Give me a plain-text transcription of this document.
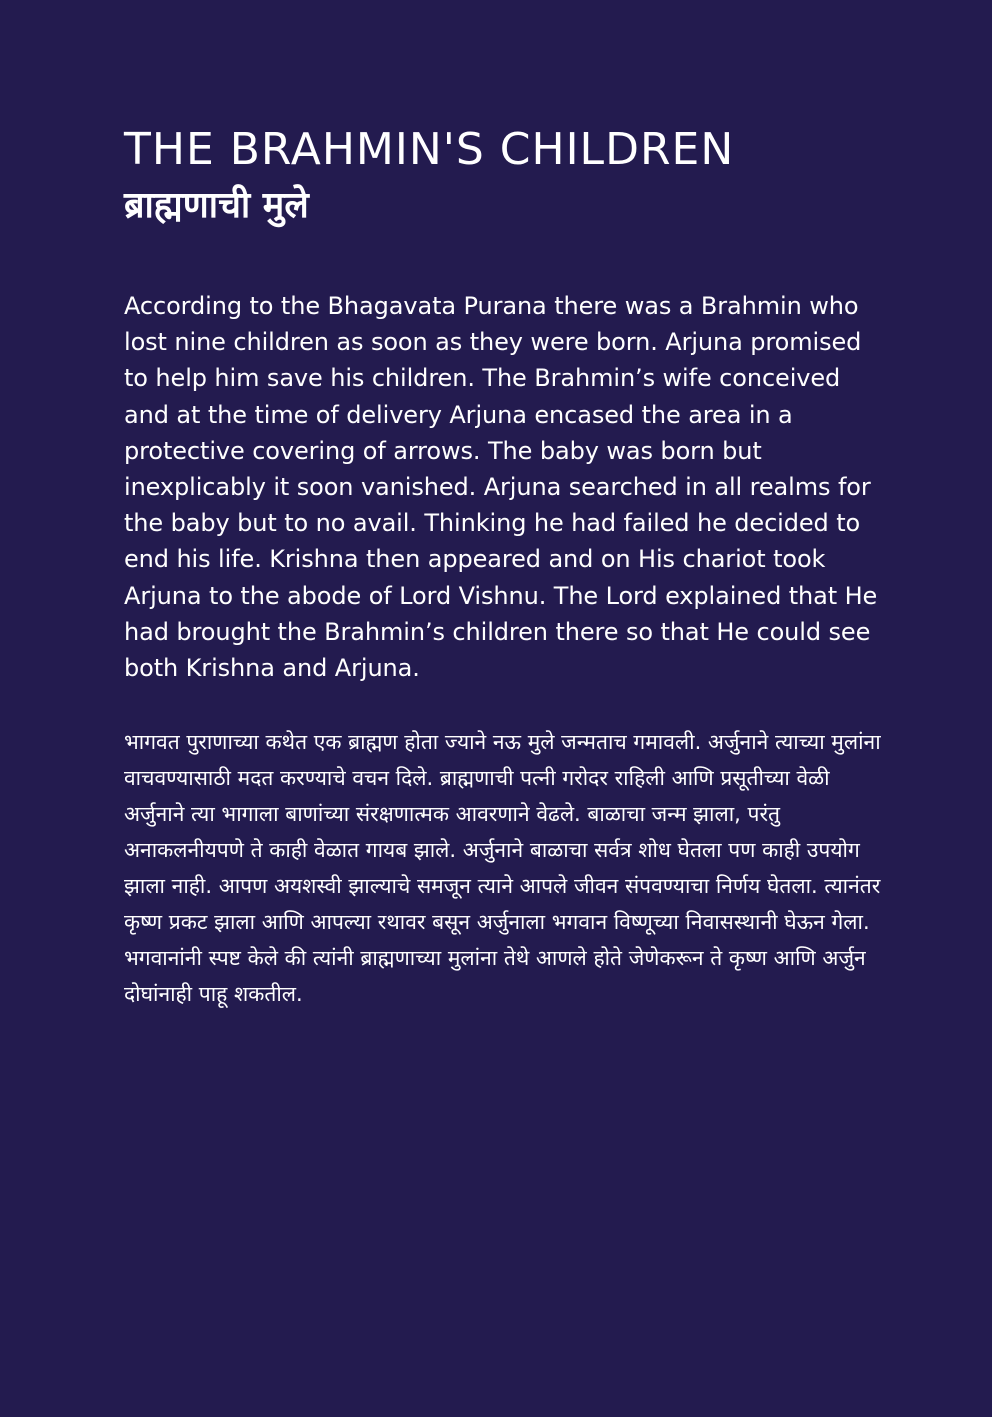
THE BRAHMIN'S CHILDREN
ब्राह्मणाची मुले

According to the Bhagavata Purana there was a Brahmin who lost nine children as soon as they were born. Arjuna promised to help him save his children. The Brahmin’s wife conceived and at the time of delivery Arjuna encased the area in a protective covering of arrows. The baby was born but inexplicably it soon vanished. Arjuna searched in all realms for the baby but to no avail. Thinking he had failed he decided to end his life. Krishna then appeared and on His chariot took Arjuna to the abode of Lord Vishnu. The Lord explained that He had brought the Brahmin’s children there so that He could see both Krishna and Arjuna.

भागवत पुराणाच्या कथेत एक ब्राह्मण होता ज्याने नऊ मुले जन्मताच गमावली. अर्जुनाने त्याच्या मुलांना वाचवण्यासाठी मदत करण्याचे वचन दिले. ब्राह्मणाची पत्नी गरोदर राहिली आणि प्रसूतीच्या वेळी अर्जुनाने त्या भागाला बाणांच्या संरक्षणात्मक आवरणाने वेढले. बाळाचा जन्म झाला, परंतु अनाकलनीयपणे ते काही वेळात गायब झाले. अर्जुनाने बाळाचा सर्वत्र शोध घेतला पण काही उपयोग झाला नाही. आपण अयशस्वी झाल्याचे समजून त्याने आपले जीवन संपवण्याचा निर्णय घेतला. त्यानंतर कृष्ण प्रकट झाला आणि आपल्या रथावर बसून अर्जुनाला भगवान विष्णूच्या निवासस्थानी घेऊन गेला. भगवानांनी स्पष्ट केले की त्यांनी ब्राह्मणाच्या मुलांना तेथे आणले होते जेणेकरून ते कृष्ण आणि अर्जुन दोघांनाही पाहू शकतील.
